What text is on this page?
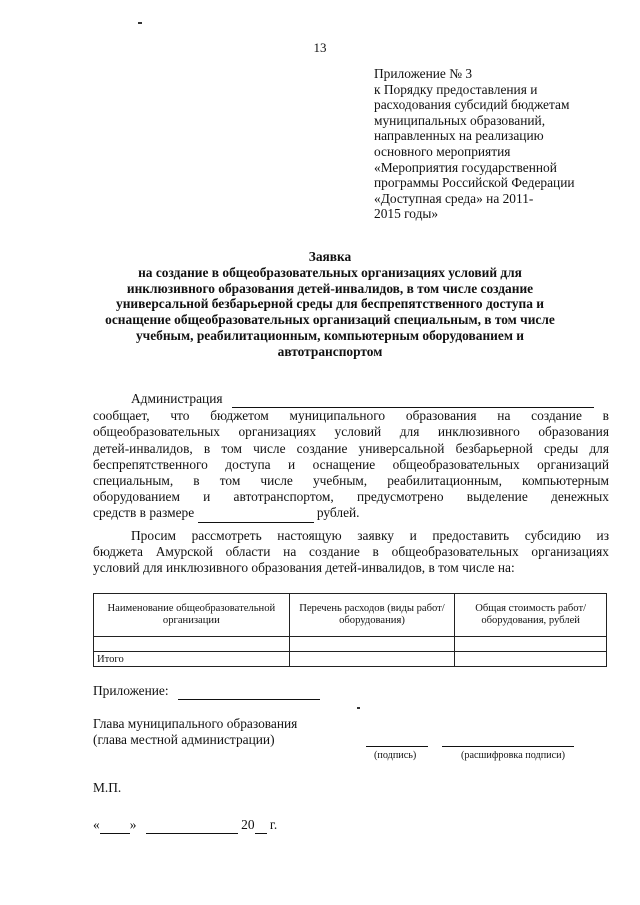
13
Приложение № 3
к Порядку предоставления и
расходования субсидий бюджетам
муниципальных образований,
направленных на реализацию
основного мероприятия
«Мероприятия государственной
программы Российской Федерации
«Доступная среда» на 2011-
2015 годы»
Заявка
на создание в общеобразовательных организациях условий для
инклюзивного образования детей-инвалидов, в том числе создание
универсальной безбарьерной среды для беспрепятственного доступа и
оснащение общеобразовательных организаций специальным, в том числе
учебным, реабилитационным, компьютерным оборудованием и
автотранспортом
Администрация
сообщает, что бюджетом муниципального образования на создание в
общеобразовательных организациях условий для инклюзивного образования
детей-инвалидов, в том числе создание универсальной безбарьерной среды для
беспрепятственного доступа и оснащение общеобразовательных организаций
специальным, в том числе учебным, реабилитационным, компьютерным
оборудованием и автотранспортом, предусмотрено выделение денежных
средств в размере	рублей.
Просим рассмотреть настоящую заявку и предоставить субсидию из
бюджета Амурской области на создание в общеобразовательных организациях
условий для инклюзивного образования детей-инвалидов, в том числе на:
Наименование общеобразовательной организации	Перечень расходов (виды работ/оборудования)	Общая стоимость работ/оборудования, рублей

Итого		
Приложение:
Глава муниципального образования
(глава местной администрации)
(подпись)	(расшифровка подписи)
М.П.
« »	20 г.
